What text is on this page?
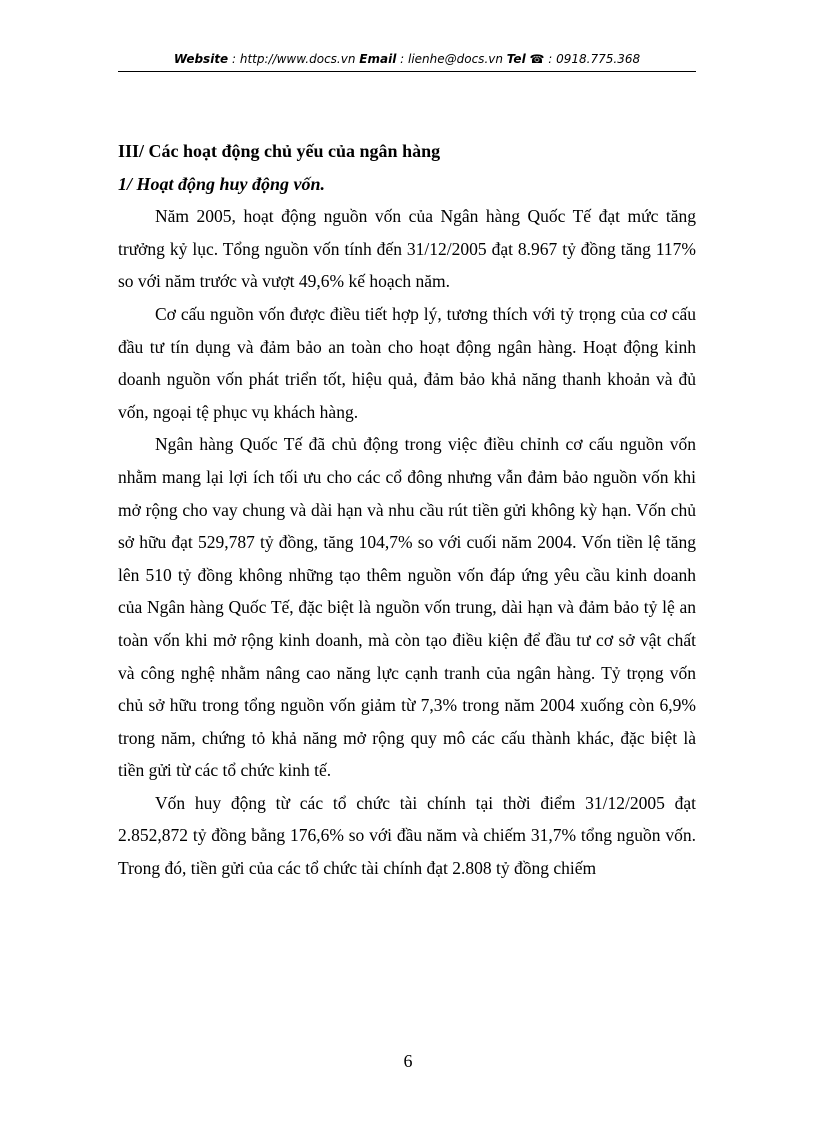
Website : http://www.docs.vn Email : lienhe@docs.vn Tel ☎ : 0918.775.368

III/ Các hoạt động chủ yếu của ngân hàng

1/ Hoạt động huy động vốn.

Năm 2005, hoạt động nguồn vốn của Ngân hàng Quốc Tế đạt mức tăng trưởng kỷ lục. Tổng nguồn vốn tính đến 31/12/2005 đạt 8.967 tỷ đồng tăng 117% so với năm trước và vượt 49,6% kế hoạch năm.

Cơ cấu nguồn vốn được điều tiết hợp lý, tương thích với tỷ trọng của cơ cấu đầu tư tín dụng và đảm bảo an toàn cho hoạt động ngân hàng. Hoạt động kinh doanh nguồn vốn phát triển tốt, hiệu quả, đảm bảo khả năng thanh khoản và đủ vốn, ngoại tệ phục vụ khách hàng.

Ngân hàng Quốc Tế đã chủ động trong việc điều chỉnh cơ cấu nguồn vốn nhằm mang lại lợi ích tối ưu cho các cổ đông nhưng vẫn đảm bảo nguồn vốn khi mở rộng cho vay chung và dài hạn và nhu cầu rút tiền gửi không kỳ hạn. Vốn chủ sở hữu đạt 529,787 tỷ đồng, tăng 104,7% so với cuối năm 2004. Vốn tiền lệ tăng lên 510 tỷ đồng không những tạo thêm nguồn vốn đáp ứng yêu cầu kinh doanh của Ngân hàng Quốc Tế, đặc biệt là nguồn vốn trung, dài hạn và đảm bảo tỷ lệ an toàn vốn khi mở rộng kinh doanh, mà còn tạo điều kiện để đầu tư cơ sở vật chất và công nghệ nhằm nâng cao năng lực cạnh tranh của ngân hàng. Tỷ trọng vốn chủ sở hữu trong tổng nguồn vốn giảm từ 7,3% trong năm 2004 xuống còn 6,9% trong năm, chứng tỏ khả năng mở rộng quy mô các cấu thành khác, đặc biệt là tiền gửi từ các tổ chức kinh tế.

Vốn huy động từ các tổ chức tài chính tại thời điểm 31/12/2005 đạt 2.852,872 tỷ đồng bằng 176,6% so với đầu năm và chiếm 31,7% tổng nguồn vốn. Trong đó, tiền gửi của các tổ chức tài chính đạt 2.808 tỷ đồng chiếm

6
